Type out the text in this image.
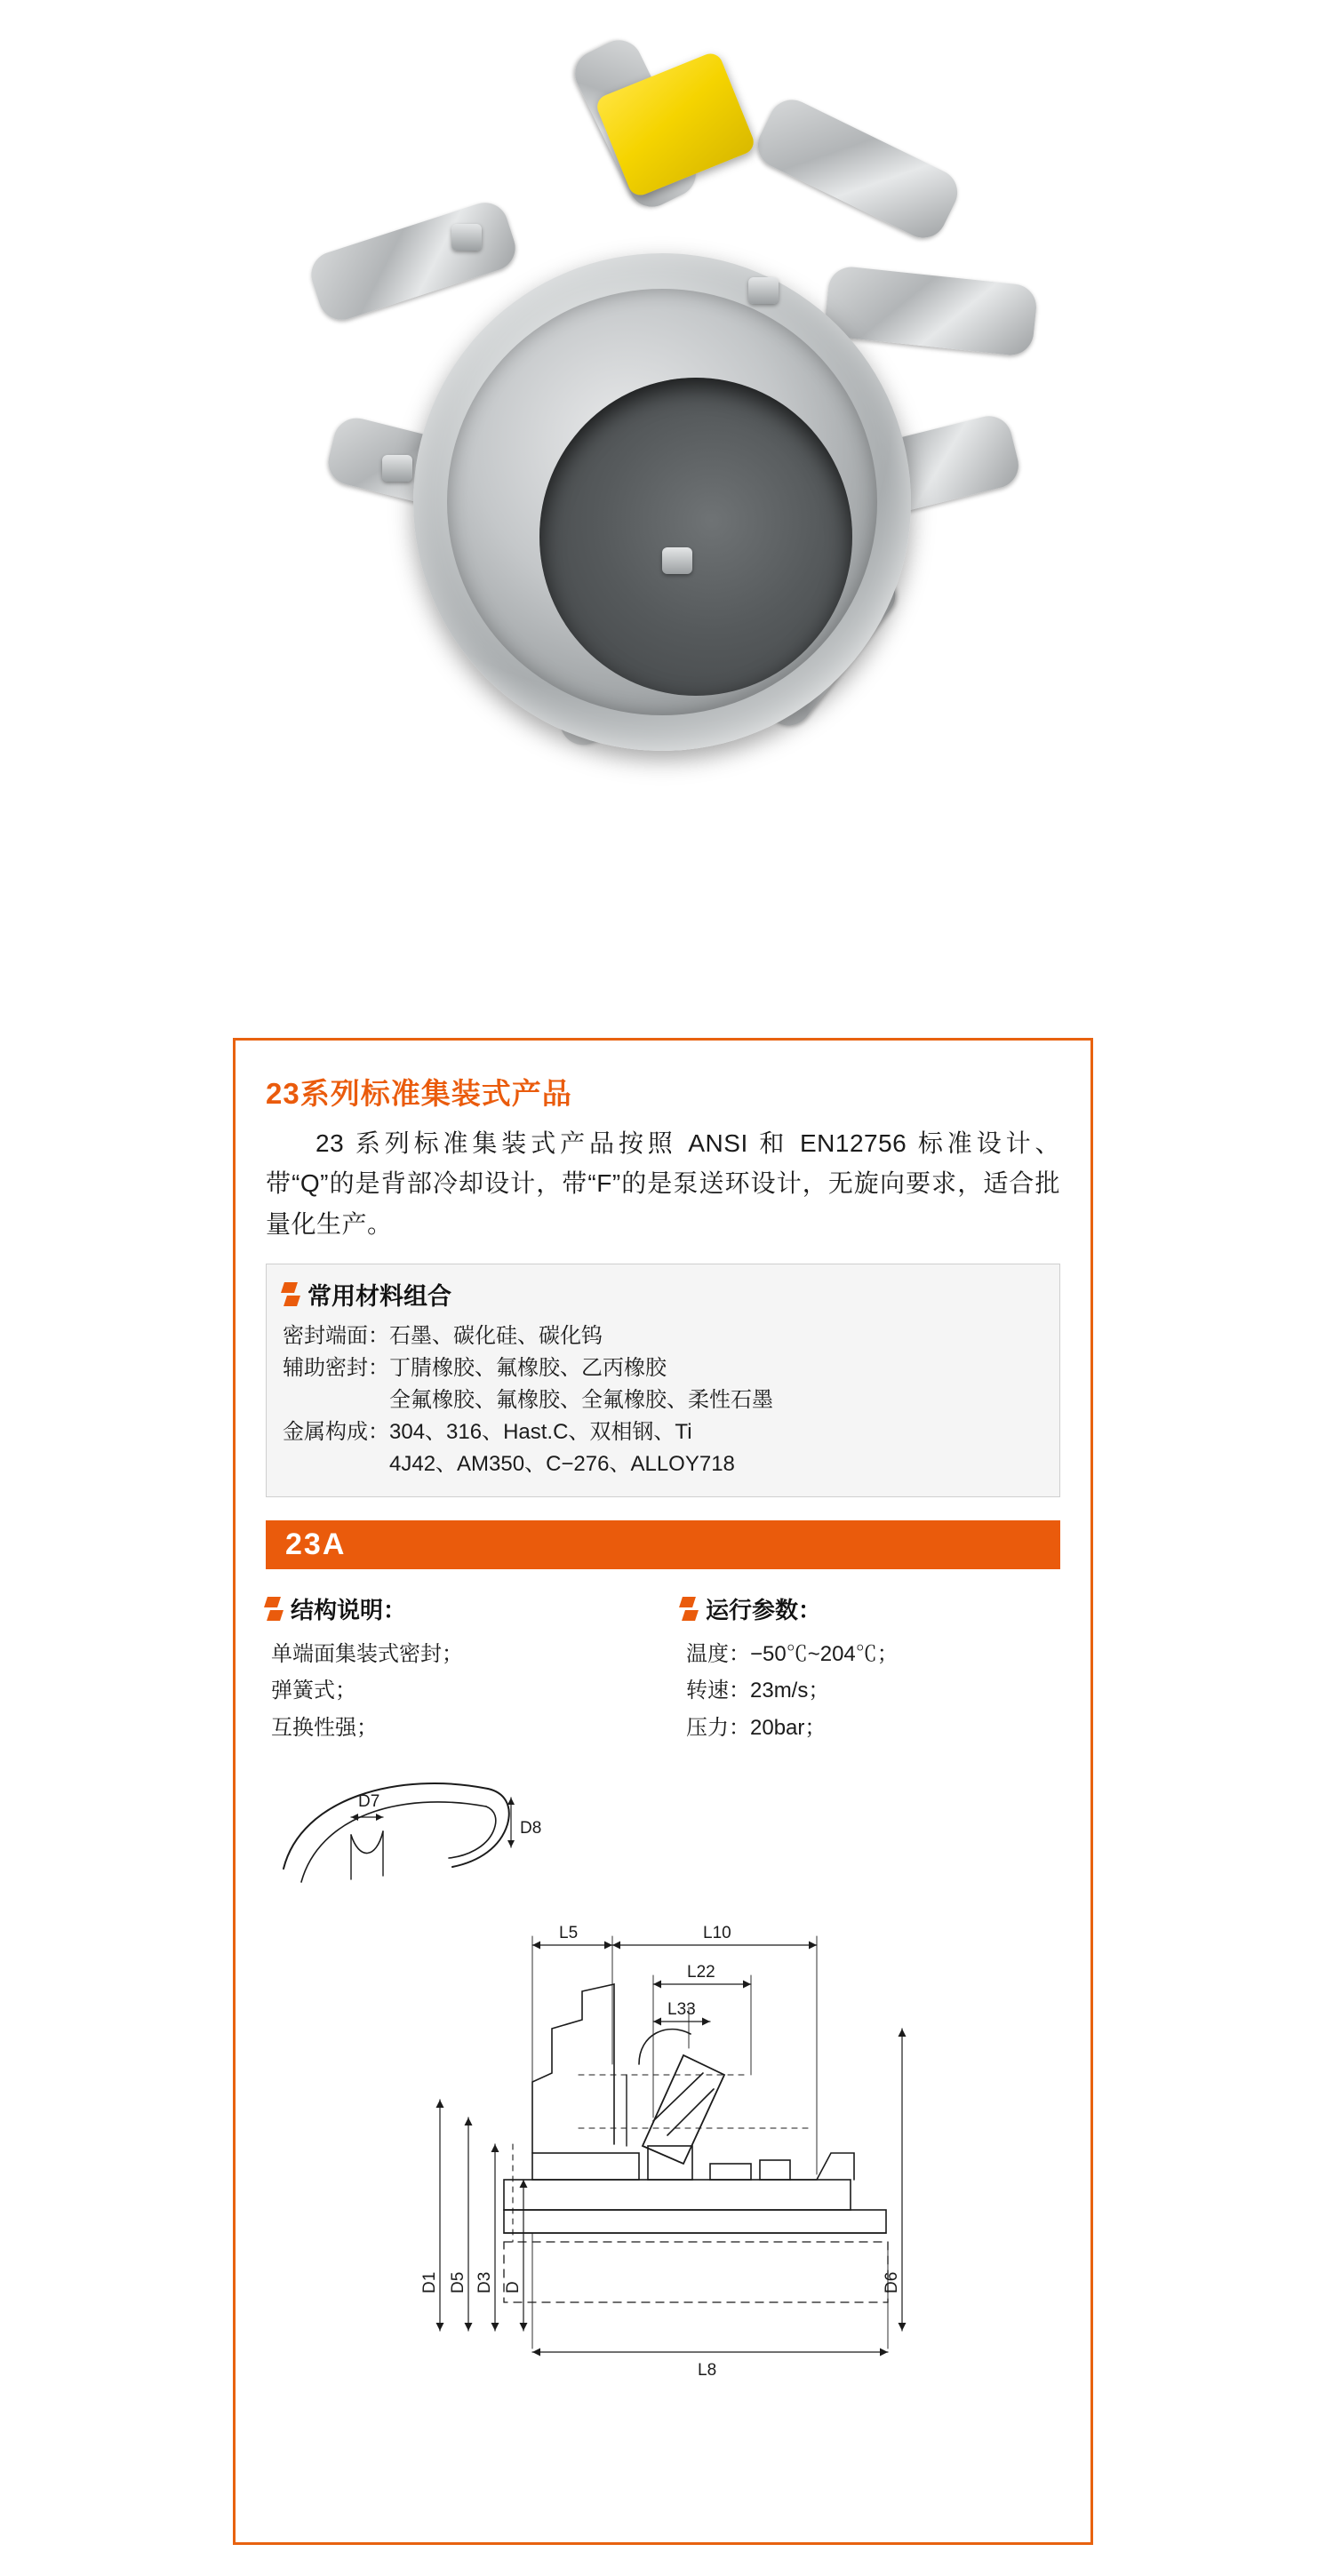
23系列标准集装式产品

23 系列标准集装式产品按照 ANSI 和 EN12756 标准设计、带“Q”的是背部冷却设计，带“F”的是泵送环设计，无旋向要求，适合批量化生产。

常用材料组合
密封端面： 石墨、碳化硅、碳化钨
辅助密封： 丁腈橡胶、氟橡胶、乙丙橡胶
全氟橡胶、氟橡胶、全氟橡胶、柔性石墨
金属构成： 304、316、Hast.C、双相钢、Ti
4J42、AM350、C−276、ALLOY718
23A
结构说明：
单端面集装式密封；
弹簧式；
互换性强；
运行参数：
温度：−50℃~204℃；
转速：23m/s；
压力：20bar；
D7
D8
L5	L10
L22
L33
D1 D5 D3 D	D6
L8
